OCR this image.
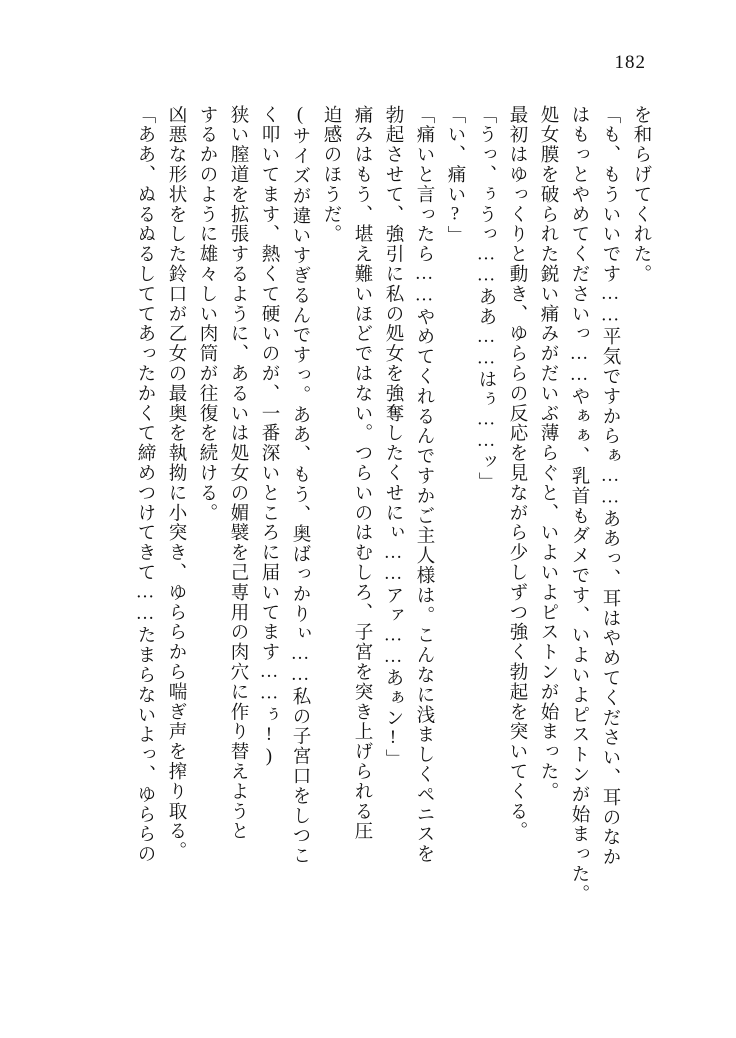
182
を和らげてくれた。
「も、もういいです……平気ですからぁ……ああっ、耳はやめてください、耳のなか
はもっとやめてくださいっ……やぁぁ、乳首もダメです、いよいよピストンが始まった。
処女膜を破られた鋭い痛みがだいぶ薄らぐと、いよいよピストンが始まった。
最初はゆっくりと動き、ゆららの反応を見ながら少しずつ強く勃起を突いてくる。
「うっ、ぅうっ……ああ……はぅ……ッ」
「い、痛い?」
「痛いと言ったら……やめてくれるんですかご主人様は。こんなに浅ましくペニスを
勃起させて、強引に私の処女を強奪したくせにぃ……アァ……あぁン!」
痛みはもう、堪え難いほどではない。つらいのはむしろ、子宮を突き上げられる圧
迫感のほうだ。
(サイズが違いすぎるんですっ。ああ、もう、奥ばっかりぃ……私の子宮口をしつこ
く叩いてます、熱くて硬いのが、一番深いところに届いてます……ぅ!)
狭い膣道を拡張するように、あるいは処女の媚襞を己専用の肉穴に作り替えようと
するかのように雄々しい肉筒が往復を続ける。
凶悪な形状をした鈴口が乙女の最奥を執拗に小突き、ゆららから喘ぎ声を搾り取る。
「ああ、ぬるぬるしててあったかくて締めつけてきて……たまらないよっ、ゆららの
